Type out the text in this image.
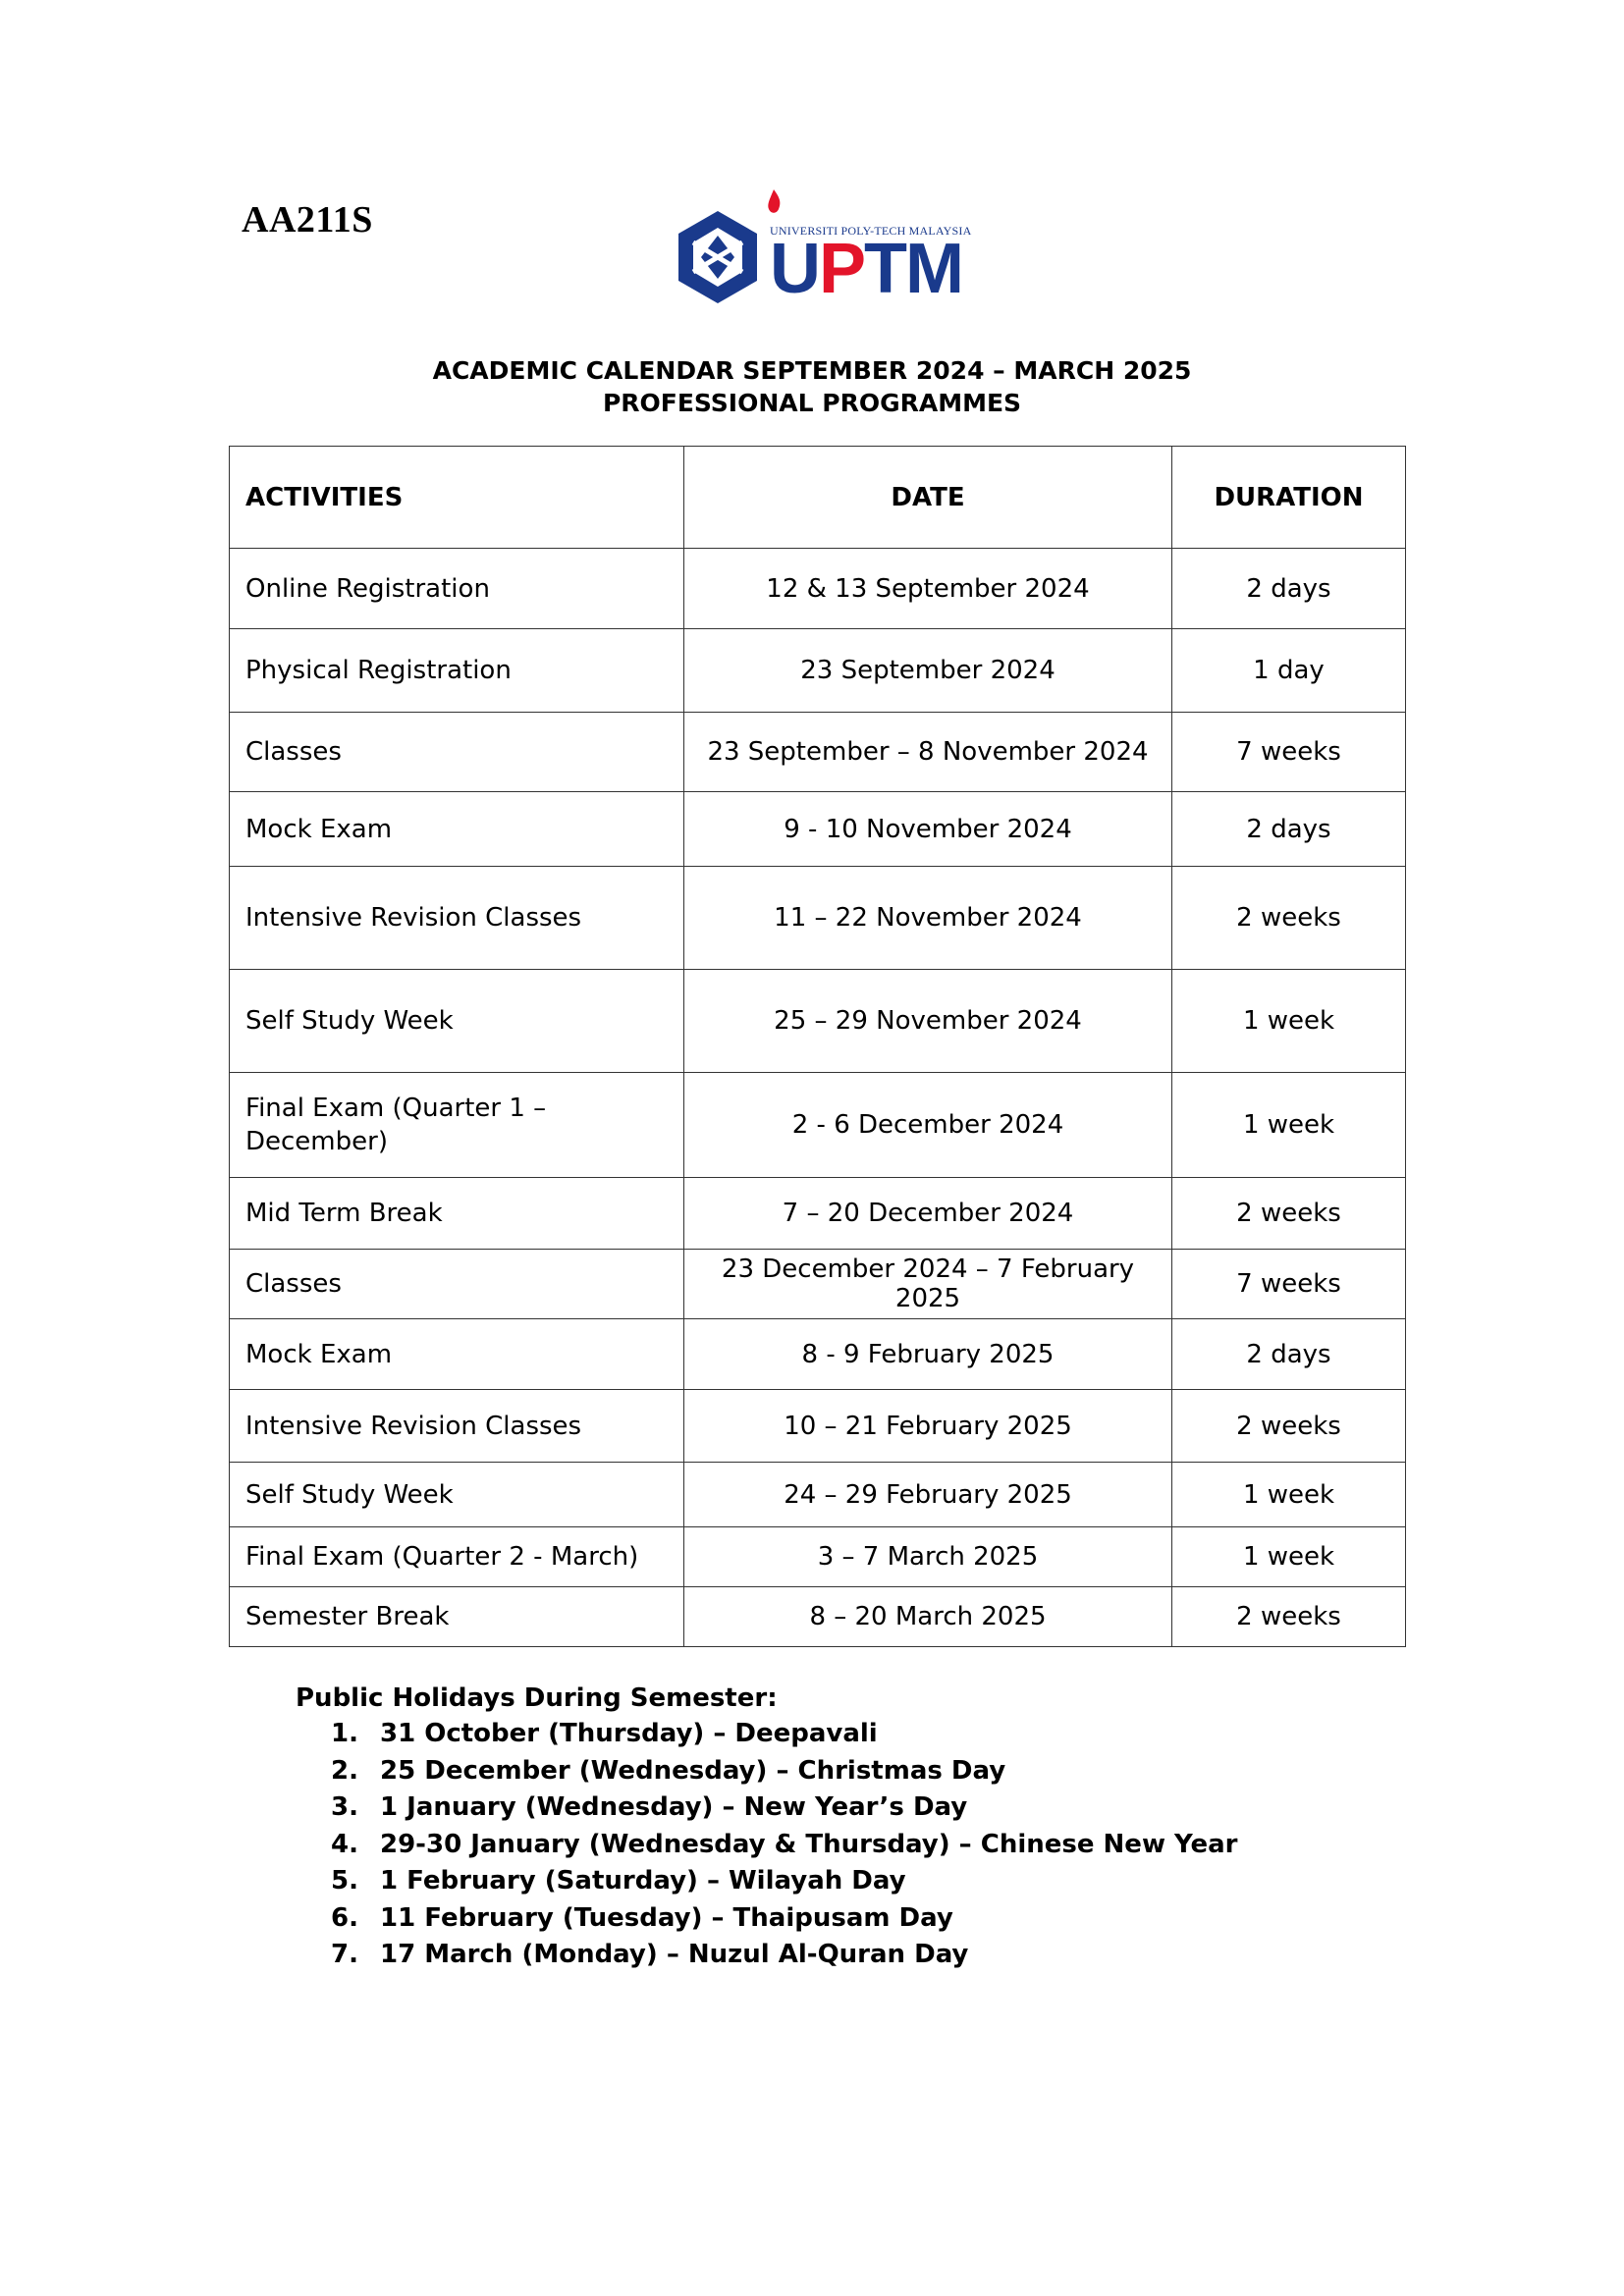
AA211S	UNIVERSITI POLY-TECH MALAYSIA
UPTM
ACADEMIC CALENDAR SEPTEMBER 2024 – MARCH 2025
PROFESSIONAL PROGRAMMES
ACTIVITIES	DATE	DURATION
Online Registration	12 & 13 September 2024	2 days
Physical Registration	23 September 2024	1 day
Classes	23 September – 8 November 2024	7 weeks
Mock Exam	9 - 10 November 2024	2 days
Intensive Revision Classes	11 – 22 November 2024	2 weeks
Self Study Week	25 – 29 November 2024	1 week
Final Exam (Quarter 1 – December)	2 - 6 December 2024	1 week
Mid Term Break	7 – 20 December 2024	2 weeks
Classes	23 December 2024 – 7 February 2025	7 weeks
Mock Exam	8 - 9 February 2025	2 days
Intensive Revision Classes	10 – 21 February 2025	2 weeks
Self Study Week	24 – 29 February 2025	1 week
Final Exam (Quarter 2 - March)	3 – 7 March 2025	1 week
Semester Break	8 – 20 March 2025	2 weeks
Public Holidays During Semester:
1. 31 October (Thursday) – Deepavali
2. 25 December (Wednesday) – Christmas Day
3. 1 January (Wednesday) – New Year’s Day
4. 29-30 January (Wednesday & Thursday) – Chinese New Year
5. 1 February (Saturday) – Wilayah Day
6. 11 February (Tuesday) – Thaipusam Day
7. 17 March (Monday) – Nuzul Al-Quran Day
